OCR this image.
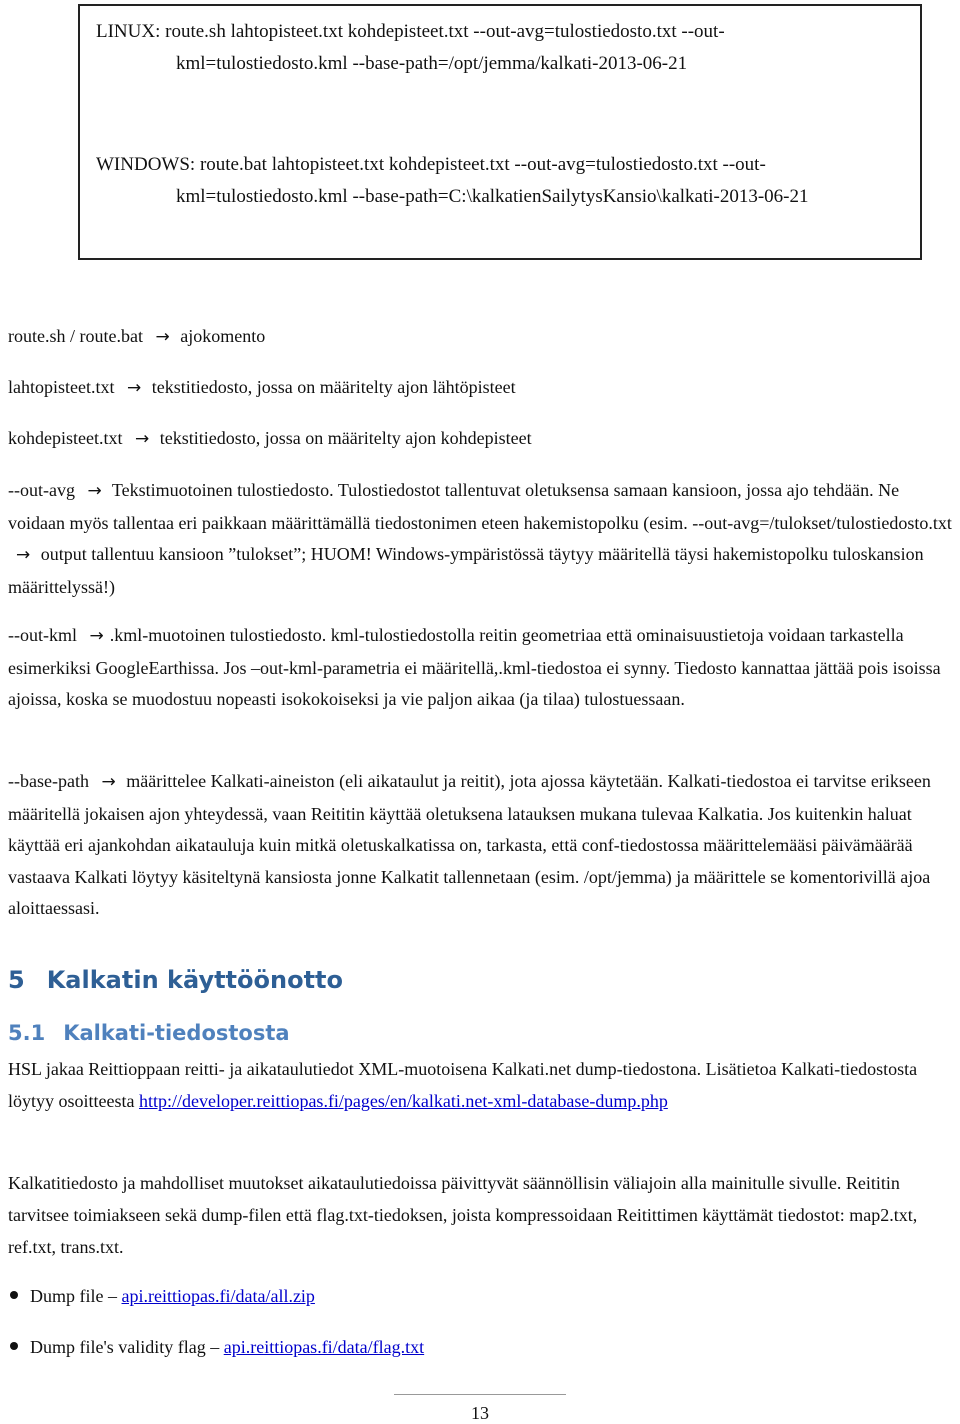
LINUX: route.sh lahtopisteet.txt kohdepisteet.txt --out-avg=tulostiedosto.txt --out-
kml=tulostiedosto.kml --base-path=/opt/jemma/kalkati-2013-06-21
WINDOWS: route.bat lahtopisteet.txt kohdepisteet.txt --out-avg=tulostiedosto.txt --out-
kml=tulostiedosto.kml --base-path=C:\kalkatienSailytysKansio\kalkati-2013-06-21
route.sh / route.bat → ajokomento
lahtopisteet.txt → tekstitiedosto, jossa on määritelty ajon lähtöpisteet
kohdepisteet.txt → tekstitiedosto, jossa on määritelty ajon kohdepisteet
--out-avg → Tekstimuotoinen tulostiedosto. Tulostiedostot tallentuvat oletuksensa samaan kansioon, jossa ajo tehdään. Ne voidaan myös tallentaa eri paikkaan määrittämällä tiedostonimen eteen hakemistopolku (esim. --out-avg=/tulokset/tulostiedosto.txt → output tallentuu kansioon ”tulokset”; HUOM! Windows-ympäristössä täytyy määritellä täysi hakemistopolku tuloskansion määrittelyssä!)
--out-kml → .kml-muotoinen tulostiedosto. kml-tulostiedostolla reitin geometriaa että ominaisuustietoja voidaan tarkastella esimerkiksi GoogleEarthissa. Jos –out-kml-parametria ei määritellä,.kml-tiedostoa ei synny. Tiedosto kannattaa jättää pois isoissa ajoissa, koska se muodostuu nopeasti isokokoiseksi ja vie paljon aikaa (ja tilaa) tulostuessaan.
--base-path → määrittelee Kalkati-aineiston (eli aikataulut ja reitit), jota ajossa käytetään. Kalkati-tiedostoa ei tarvitse erikseen määritellä jokaisen ajon yhteydessä, vaan Reititin käyttää oletuksena latauksen mukana tulevaa Kalkatia. Jos kuitenkin haluat käyttää eri ajankohdan aikatauluja kuin mitkä oletuskalkatissa on, tarkasta, että conf-tiedostossa määrittelemääsi päivämäärää vastaava Kalkati löytyy käsiteltynä kansiosta jonne Kalkatit tallennetaan (esim. /opt/jemma) ja määrittele se komentorivillä ajoa aloittaessasi.
5 Kalkatin käyttöönotto
5.1 Kalkati-tiedostosta
HSL jakaa Reittioppaan reitti- ja aikataulutiedot XML-muotoisena Kalkati.net dump-tiedostona. Lisätietoa Kalkati-tiedostosta löytyy osoitteesta http://developer.reittiopas.fi/pages/en/kalkati.net-xml-database-dump.php
Kalkatitiedosto ja mahdolliset muutokset aikataulutiedoissa päivittyvät säännöllisin väliajoin alla mainitulle sivulle. Reititin tarvitsee toimiakseen sekä dump-filen että flag.txt-tiedoksen, joista kompressoidaan Reitittimen käyttämät tiedostot: map2.txt, ref.txt, trans.txt.
Dump file – api.reittiopas.fi/data/all.zip
Dump file's validity flag – api.reittiopas.fi/data/flag.txt
13
